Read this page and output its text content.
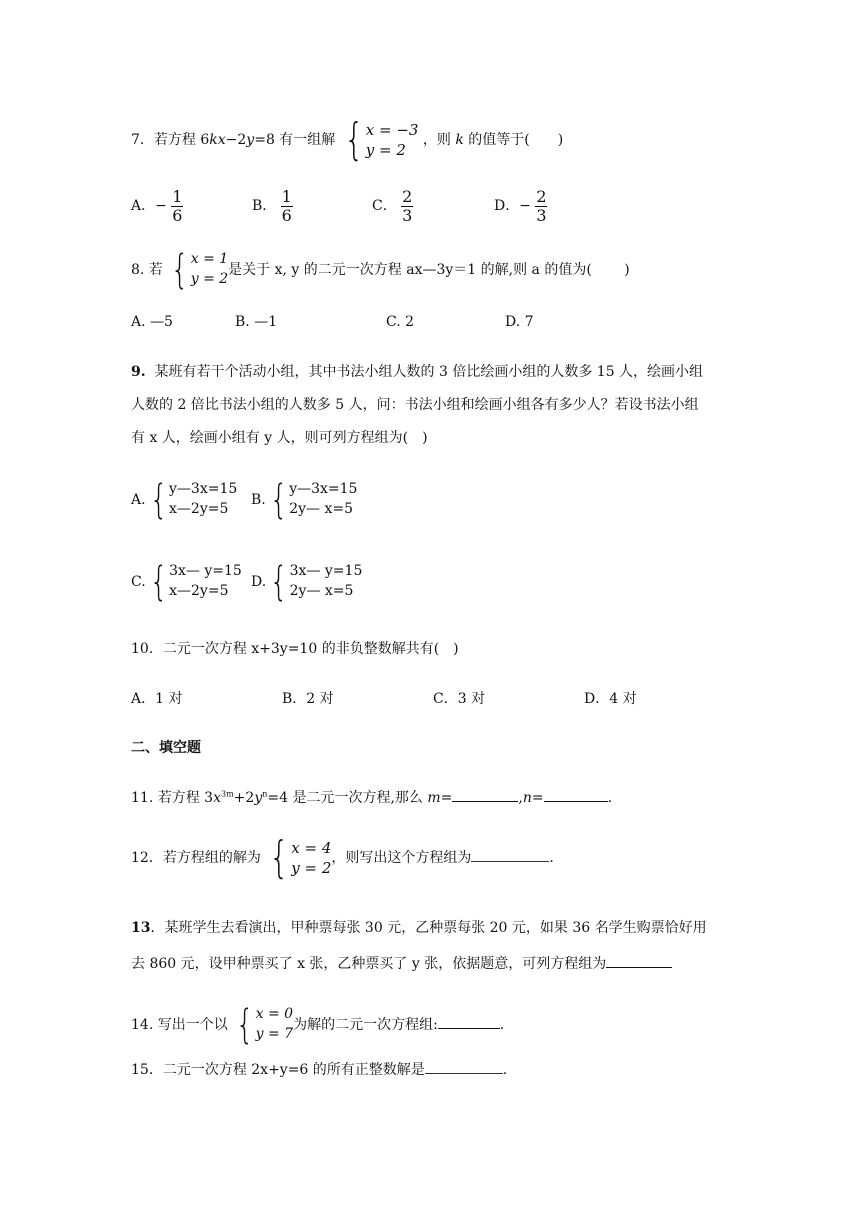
7．若方程 6kx−2y=8 有一组解 { x = −3
y = 2
，则 k 的值等于(　　)
A．− $\frac{1}{6}$	B． $\frac{1}{6}$	C． $\frac{2}{3}$	D．− $\frac{2}{3}$
8. 若 { x = 1
y = 2
是关于 x, y 的二元一次方程 ax—3y＝1 的解,则 a 的值为(　　 )
A. —5	B. —1	C. 2	D. 7
9. 某班有若干个活动小组，其中书法小组人数的 3 倍比绘画小组的人数多 15 人，绘画小组
人数的 2 倍比书法小组的人数多 5 人，问：书法小组和绘画小组各有多少人？若设书法小组
有 x 人，绘画小组有 y 人，则可列方程组为(　)
A. { y—3x=15
x—2y=5
B. { y—3x=15
2y— x=5
C. { 3x— y=15
x—2y=5
D. { 3x— y=15
2y— x=5
10．二元一次方程 x+3y=10 的非负整数解共有(　)
A．1 对	B．2 对	C．3 对	D．4 对
二、填空题
11. 若方程 $3x^{3m}+2y^n=4$ 是二元一次方程,那么 m=	,n=	.
12．若方程组的解为 { x = 4
y = 2
，则写出这个方程组为	.
13．某班学生去看演出，甲种票每张 30 元，乙种票每张 20 元，如果 36 名学生购票恰好用
去 860 元，设甲种票买了 x 张，乙种票买了 y 张，依据题意，可列方程组为
14. 写出一个以 { x = 0
y = 7
为解的二元一次方程组:	.
15．二元一次方程 2x+y=6 的所有正整数解是	.
